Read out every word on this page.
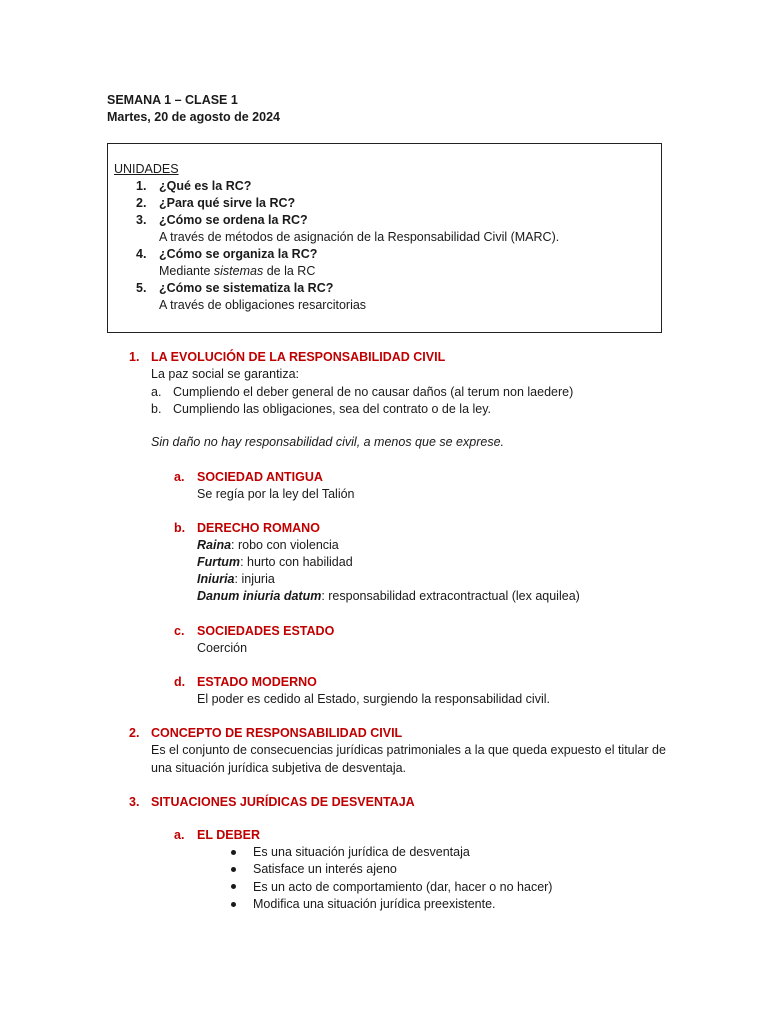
SEMANA 1 – CLASE 1
Martes, 20 de agosto de 2024
UNIDADES
1. ¿Qué es la RC?
2. ¿Para qué sirve la RC?
3. ¿Cómo se ordena la RC?
A través de métodos de asignación de la Responsabilidad Civil (MARC).
4. ¿Cómo se organiza la RC?
Mediante sistemas de la RC
5. ¿Cómo se sistematiza la RC?
A través de obligaciones resarcitorias
1. LA EVOLUCIÓN DE LA RESPONSABILIDAD CIVIL
La paz social se garantiza:
a. Cumpliendo el deber general de no causar daños (al terum non laedere)
b. Cumpliendo las obligaciones, sea del contrato o de la ley.
Sin daño no hay responsabilidad civil, a menos que se exprese.
a. SOCIEDAD ANTIGUA
Se regía por la ley del Talión
b. DERECHO ROMANO
Raina: robo con violencia
Furtum: hurto con habilidad
Iniuria: injuria
Danum iniuria datum: responsabilidad extracontractual (lex aquilea)
c. SOCIEDADES ESTADO
Coerción
d. ESTADO MODERNO
El poder es cedido al Estado, surgiendo la responsabilidad civil.
2. CONCEPTO DE RESPONSABILIDAD CIVIL
Es el conjunto de consecuencias jurídicas patrimoniales a la que queda expuesto el titular de
una situación jurídica subjetiva de desventaja.
3. SITUACIONES JURÍDICAS DE DESVENTAJA
a. EL DEBER
Es una situación jurídica de desventaja
Satisface un interés ajeno
Es un acto de comportamiento (dar, hacer o no hacer)
Modifica una situación jurídica preexistente.
